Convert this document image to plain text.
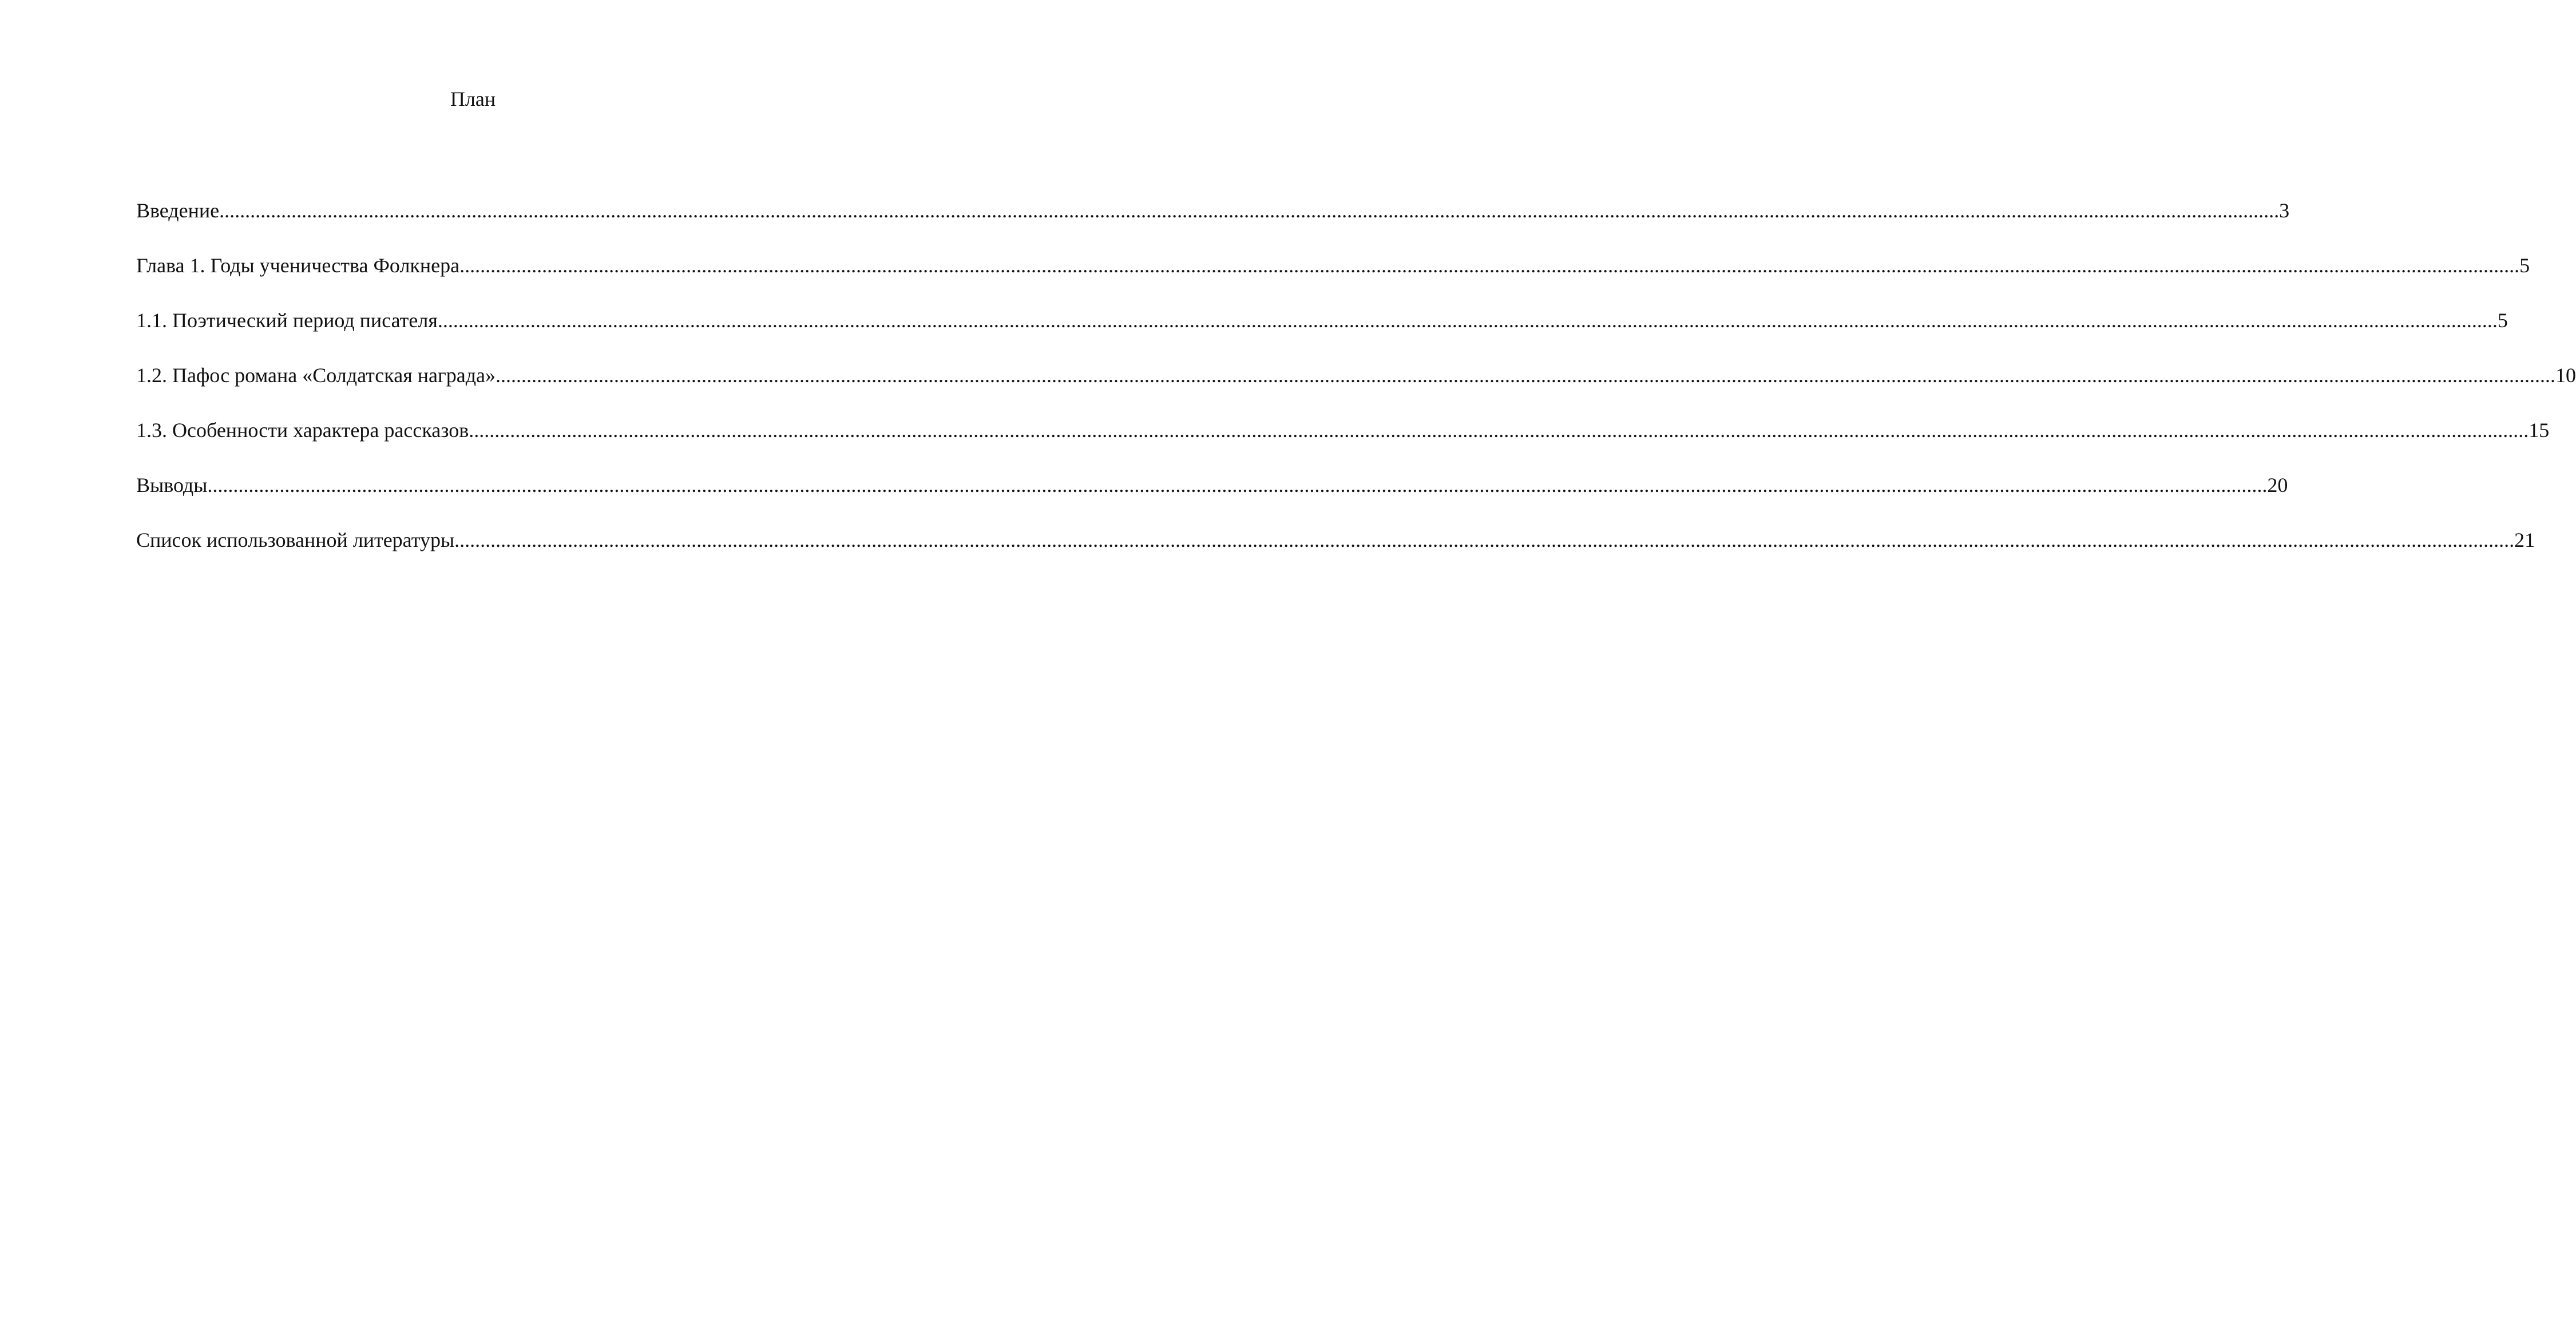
План
Введение ................................................................................................................................................................................................................................................................................................................................................................................................................ 3
Глава 1. Годы ученичества Фолкнера ................................................................................................................................................................................................................................................................................................................................................................................................................ 5
1.1. Поэтический период писателя ................................................................................................................................................................................................................................................................................................................................................................................................................ 5
1.2. Пафос романа «Солдатская награда» ................................................................................................................................................................................................................................................................................................................................................................................................................ 10
1.3. Особенности характера рассказов ................................................................................................................................................................................................................................................................................................................................................................................................................ 15
Выводы ................................................................................................................................................................................................................................................................................................................................................................................................................ 20
Список использованной литературы ................................................................................................................................................................................................................................................................................................................................................................................................................ 21
